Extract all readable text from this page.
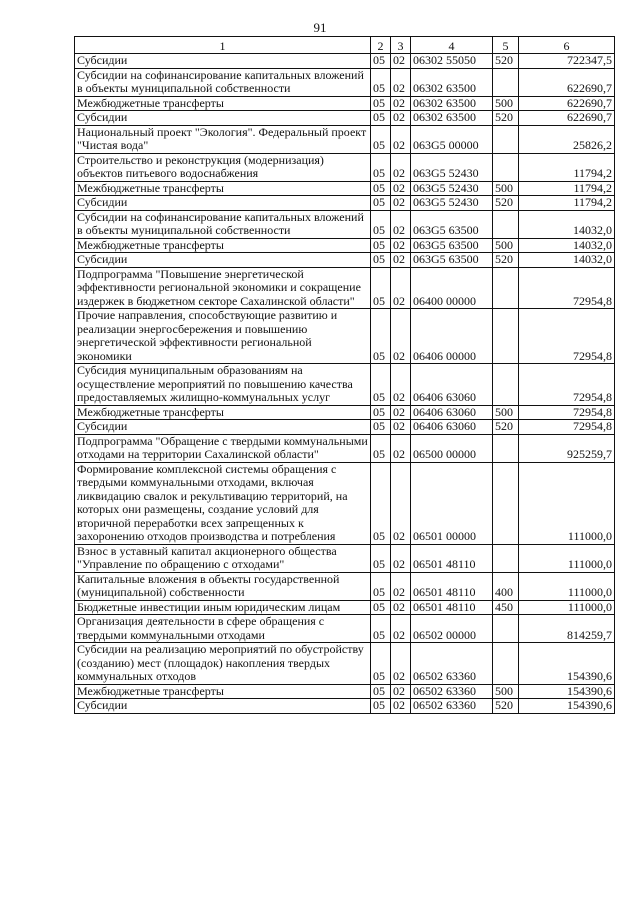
91
1	2	3	4	5	6
Субсидии	05	02	06302 55050	520	722347,5
Субсидии на софинансирование капитальных вложений в объекты муниципальной собственности	05	02	06302 63500		622690,7
Межбюджетные трансферты	05	02	06302 63500	500	622690,7
Субсидии	05	02	06302 63500	520	622690,7
Национальный проект "Экология". Федеральный проект "Чистая вода"	05	02	063G5 00000		25826,2
Строительство и реконструкция (модернизация) объектов питьевого водоснабжения	05	02	063G5 52430		11794,2
Межбюджетные трансферты	05	02	063G5 52430	500	11794,2
Субсидии	05	02	063G5 52430	520	11794,2
Субсидии на софинансирование капитальных вложений в объекты муниципальной собственности	05	02	063G5 63500		14032,0
Межбюджетные трансферты	05	02	063G5 63500	500	14032,0
Субсидии	05	02	063G5 63500	520	14032,0
Подпрограмма "Повышение энергетической эффективности региональной экономики и сокращение издержек в бюджетном секторе Сахалинской области"	05	02	06400 00000		72954,8
Прочие направления, способствующие развитию и реализации энергосбережения и повышению энергетической эффективности региональной экономики	05	02	06406 00000		72954,8
Субсидия муниципальным образованиям на осуществление мероприятий по повышению качества предоставляемых жилищно-коммунальных услуг	05	02	06406 63060		72954,8
Межбюджетные трансферты	05	02	06406 63060	500	72954,8
Субсидии	05	02	06406 63060	520	72954,8
Подпрограмма "Обращение с твердыми коммунальными отходами на территории Сахалинской области"	05	02	06500 00000		925259,7
Формирование комплексной системы обращения с твердыми коммунальными отходами, включая ликвидацию свалок и рекультивацию территорий, на которых они размещены, создание условий для вторичной переработки всех запрещенных к захоронению отходов производства и потребления	05	02	06501 00000		111000,0
Взнос в уставный капитал акционерного общества "Управление по обращению с отходами"	05	02	06501 48110		111000,0
Капитальные вложения в объекты государственной (муниципальной) собственности	05	02	06501 48110	400	111000,0
Бюджетные инвестиции иным юридическим лицам	05	02	06501 48110	450	111000,0
Организация деятельности в сфере обращения с твердыми коммунальными отходами	05	02	06502 00000		814259,7
Субсидии на реализацию мероприятий по обустройству (созданию) мест (площадок) накопления твердых коммунальных отходов	05	02	06502 63360		154390,6
Межбюджетные трансферты	05	02	06502 63360	500	154390,6
Субсидии	05	02	06502 63360	520	154390,6
